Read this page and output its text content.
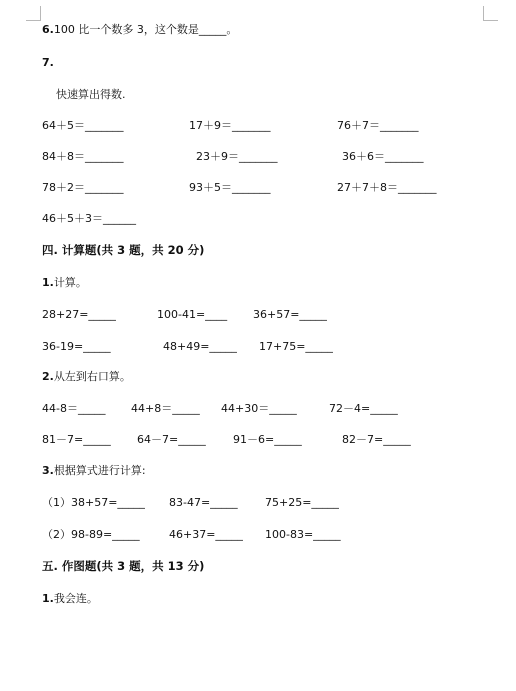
6.100 比一个数多 3，这个数是_____。
7.
快速算出得数.
64＋5＝_______	17＋9＝_______	76＋7＝_______
84＋8＝_______	23＋9＝_______	36＋6＝_______
78＋2＝_______	93＋5＝_______	27＋7＋8＝_______
46＋5＋3＝______
四. 计算题(共 3 题，共 20 分)
1.计算。
28+27=_____	100-41=____ 36+57=_____
36-19=_____	48+49=_____ 17+75=_____
2.从左到右口算。
44-8＝_____ 44+8＝_____ 44+30＝_____	72－4=_____
81－7=_____ 64－7=_____ 91－6=_____	82－7=_____
3.根据算式进行计算:
（1）38+57=_____ 83-47=_____ 75+25=_____
（2）98-89=_____	46+37=_____ 100-83=_____
五. 作图题(共 3 题，共 13 分)
1.我会连。
